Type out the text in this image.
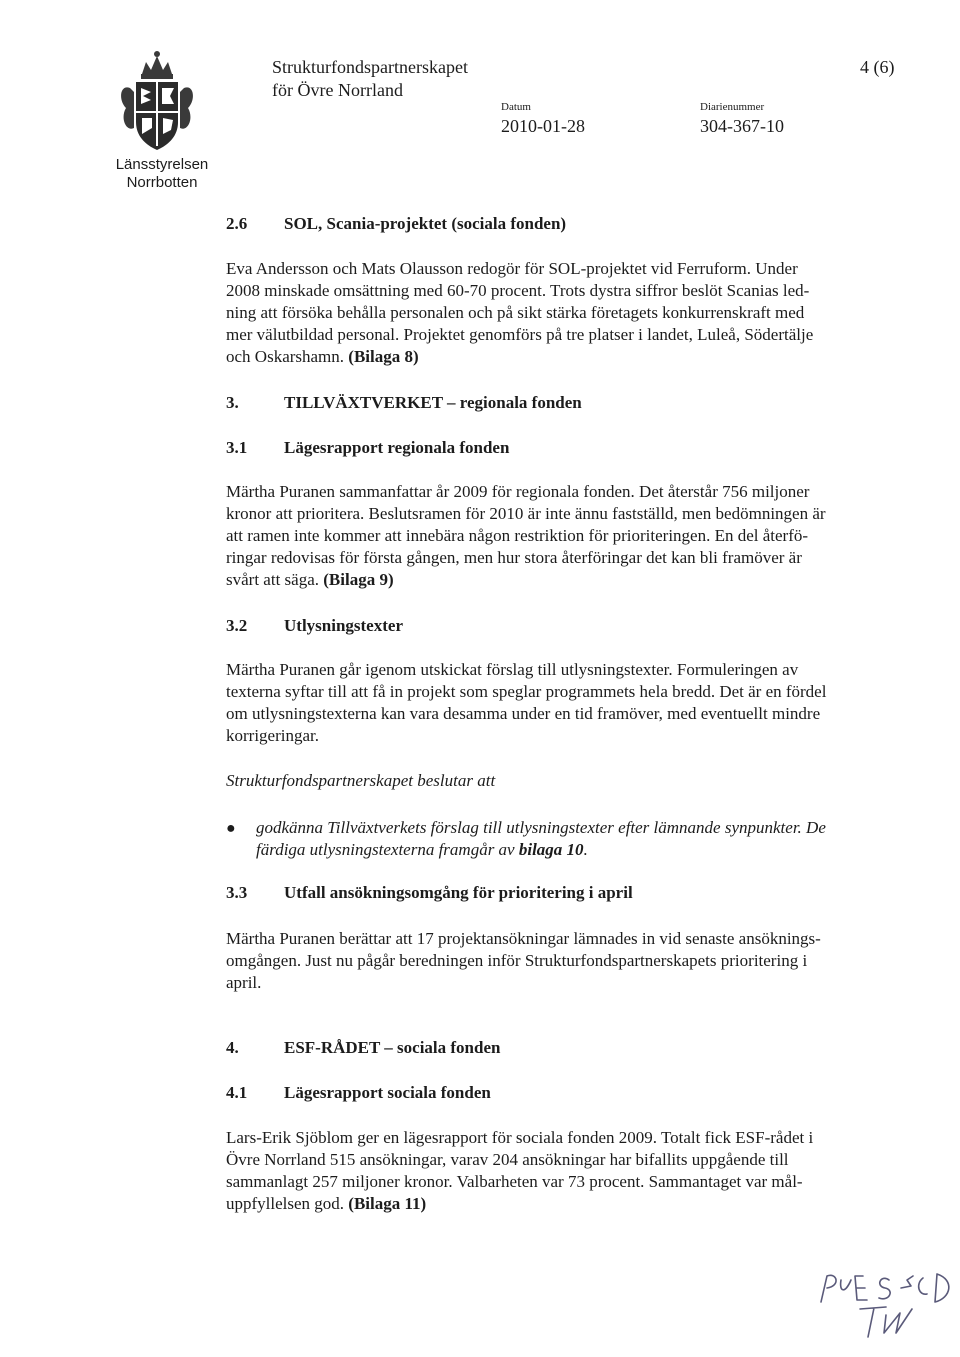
Länsstyrelsen
Norrbotten
Strukturfondspartnerskapet
för Övre Norrland
4 (6)
Datum
2010-01-28
Diarienummer
304-367-10
2.6 SOL, Scania-projektet (sociala fonden)
Eva Andersson och Mats Olausson redogör för SOL-projektet vid Ferruform. Under
2008 minskade omsättning med 60-70 procent. Trots dystra siffror beslöt Scanias led-
ning att försöka behålla personalen och på sikt stärka företagets konkurrenskraft med
mer välutbildad personal. Projektet genomförs på tre platser i landet, Luleå, Södertälje
och Oskarshamn. (Bilaga 8)
3.	TILLVÄXTVERKET – regionala fonden
3.1 Lägesrapport regionala fonden
Märtha Puranen sammanfattar år 2009 för regionala fonden. Det återstår 756 miljoner
kronor att prioritera. Beslutsramen för 2010 är inte ännu fastställd, men bedömningen är
att ramen inte kommer att innebära någon restriktion för prioriteringen. En del återfö-
ringar redovisas för första gången, men hur stora återföringar det kan bli framöver är
svårt att säga. (Bilaga 9)
3.2 Utlysningstexter
Märtha Puranen går igenom utskickat förslag till utlysningstexter. Formuleringen av
texterna syftar till att få in projekt som speglar programmets hela bredd. Det är en fördel
om utlysningstexterna kan vara desamma under en tid framöver, med eventuellt mindre
korrigeringar.
Strukturfondspartnerskapet beslutar att
● godkänna Tillväxtverkets förslag till utlysningstexter efter lämnande synpunkter. De
färdiga utlysningstexterna framgår av bilaga 10.
3.3 Utfall ansökningsomgång för prioritering i april
Märtha Puranen berättar att 17 projektansökningar lämnades in vid senaste ansöknings-
omgången. Just nu pågår beredningen inför Strukturfondspartnerskapets prioritering i
april.
4.	ESF-RÅDET – sociala fonden
4.1 Lägesrapport sociala fonden
Lars-Erik Sjöblom ger en lägesrapport för sociala fonden 2009. Totalt fick ESF-rådet i
Övre Norrland 515 ansökningar, varav 204 ansökningar har bifallits uppgående till
sammanlagt 257 miljoner kronor. Valbarheten var 73 procent. Sammantaget var mål-
uppfyllelsen god. (Bilaga 11)
